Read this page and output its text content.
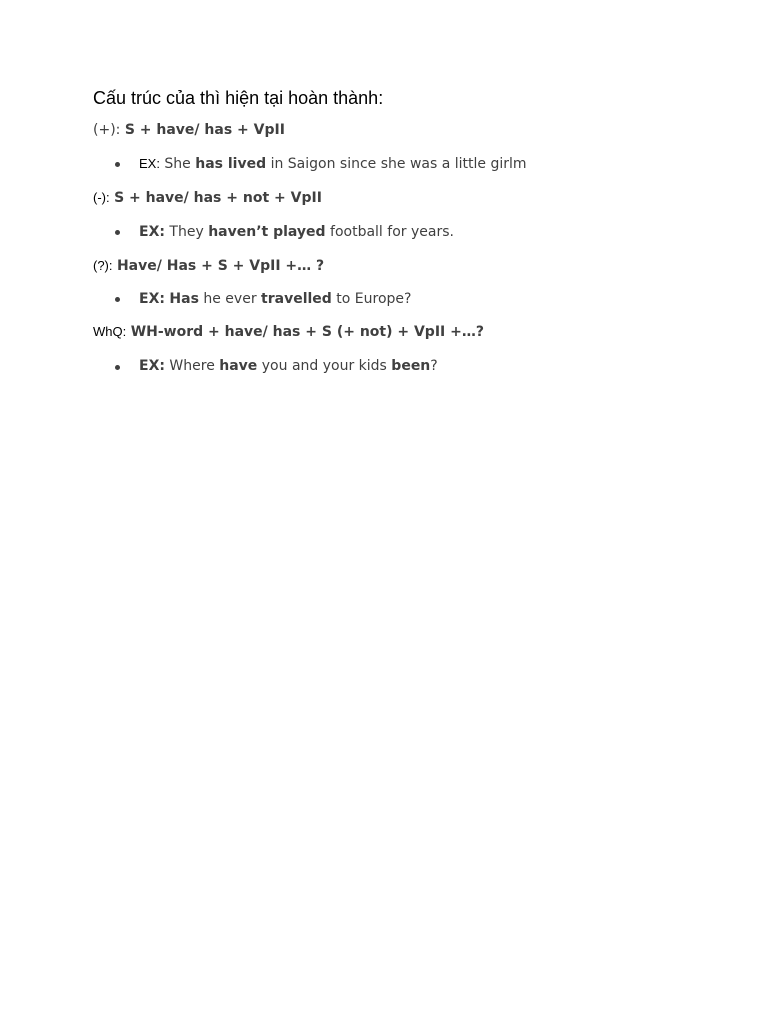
Cấu trúc của thì hiện tại hoàn thành:
(+): S + have/ has + VpII
EX: She has lived in Saigon since she was a little girlm
(-): S + have/ has + not + VpII
EX: They haven’t played football for years.
(?): Have/ Has + S + VpII +… ?
EX: Has he ever travelled to Europe?
WhQ: WH-word + have/ has + S (+ not) + VpII +…?
EX: Where have you and your kids been?
